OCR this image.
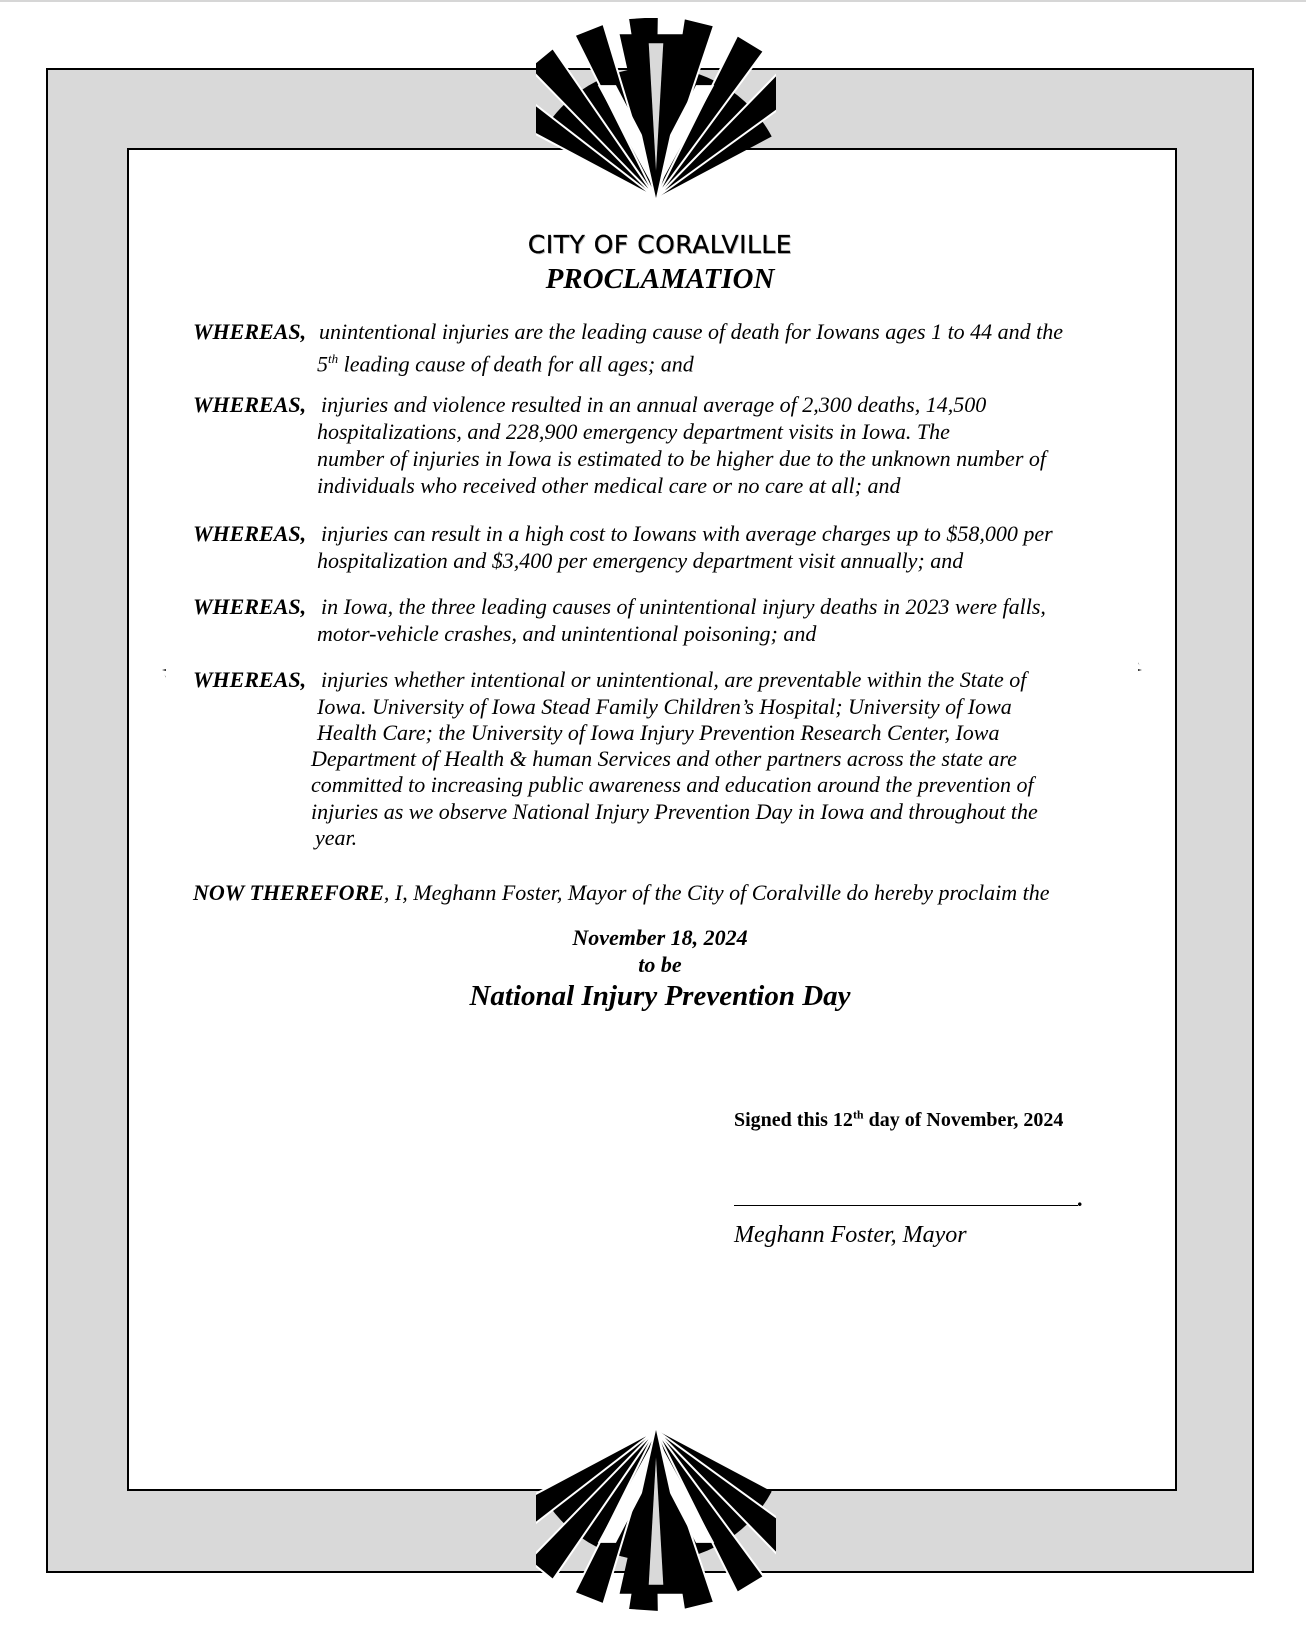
CITY OF CORALVILLE
PROCLAMATION
WHEREAS, unintentional injuries are the leading cause of death for Iowans ages 1 to 44 and the
5th leading cause of death for all ages; and
WHEREAS, injuries and violence resulted in an annual average of 2,300 deaths, 14,500
hospitalizations, and 228,900 emergency department visits in Iowa. The
number of injuries in Iowa is estimated to be higher due to the unknown number of
individuals who received other medical care or no care at all; and
WHEREAS, injuries can result in a high cost to Iowans with average charges up to $58,000 per
hospitalization and $3,400 per emergency department visit annually; and
WHEREAS, in Iowa, the three leading causes of unintentional injury deaths in 2023 were falls,
motor-vehicle crashes, and unintentional poisoning; and
WHEREAS, injuries whether intentional or unintentional, are preventable within the State of
Iowa. University of Iowa Stead Family Children’s Hospital; University of Iowa
Health Care; the University of Iowa Injury Prevention Research Center, Iowa
Department of Health & human Services and other partners across the state are
committed to increasing public awareness and education around the prevention of
injuries as we observe National Injury Prevention Day in Iowa and throughout the
year.
NOW THEREFORE, I, Meghann Foster, Mayor of the City of Coralville do hereby proclaim the
November 18, 2024
to be
National Injury Prevention Day
Signed this 12th day of November, 2024
.
Meghann Foster, Mayor
